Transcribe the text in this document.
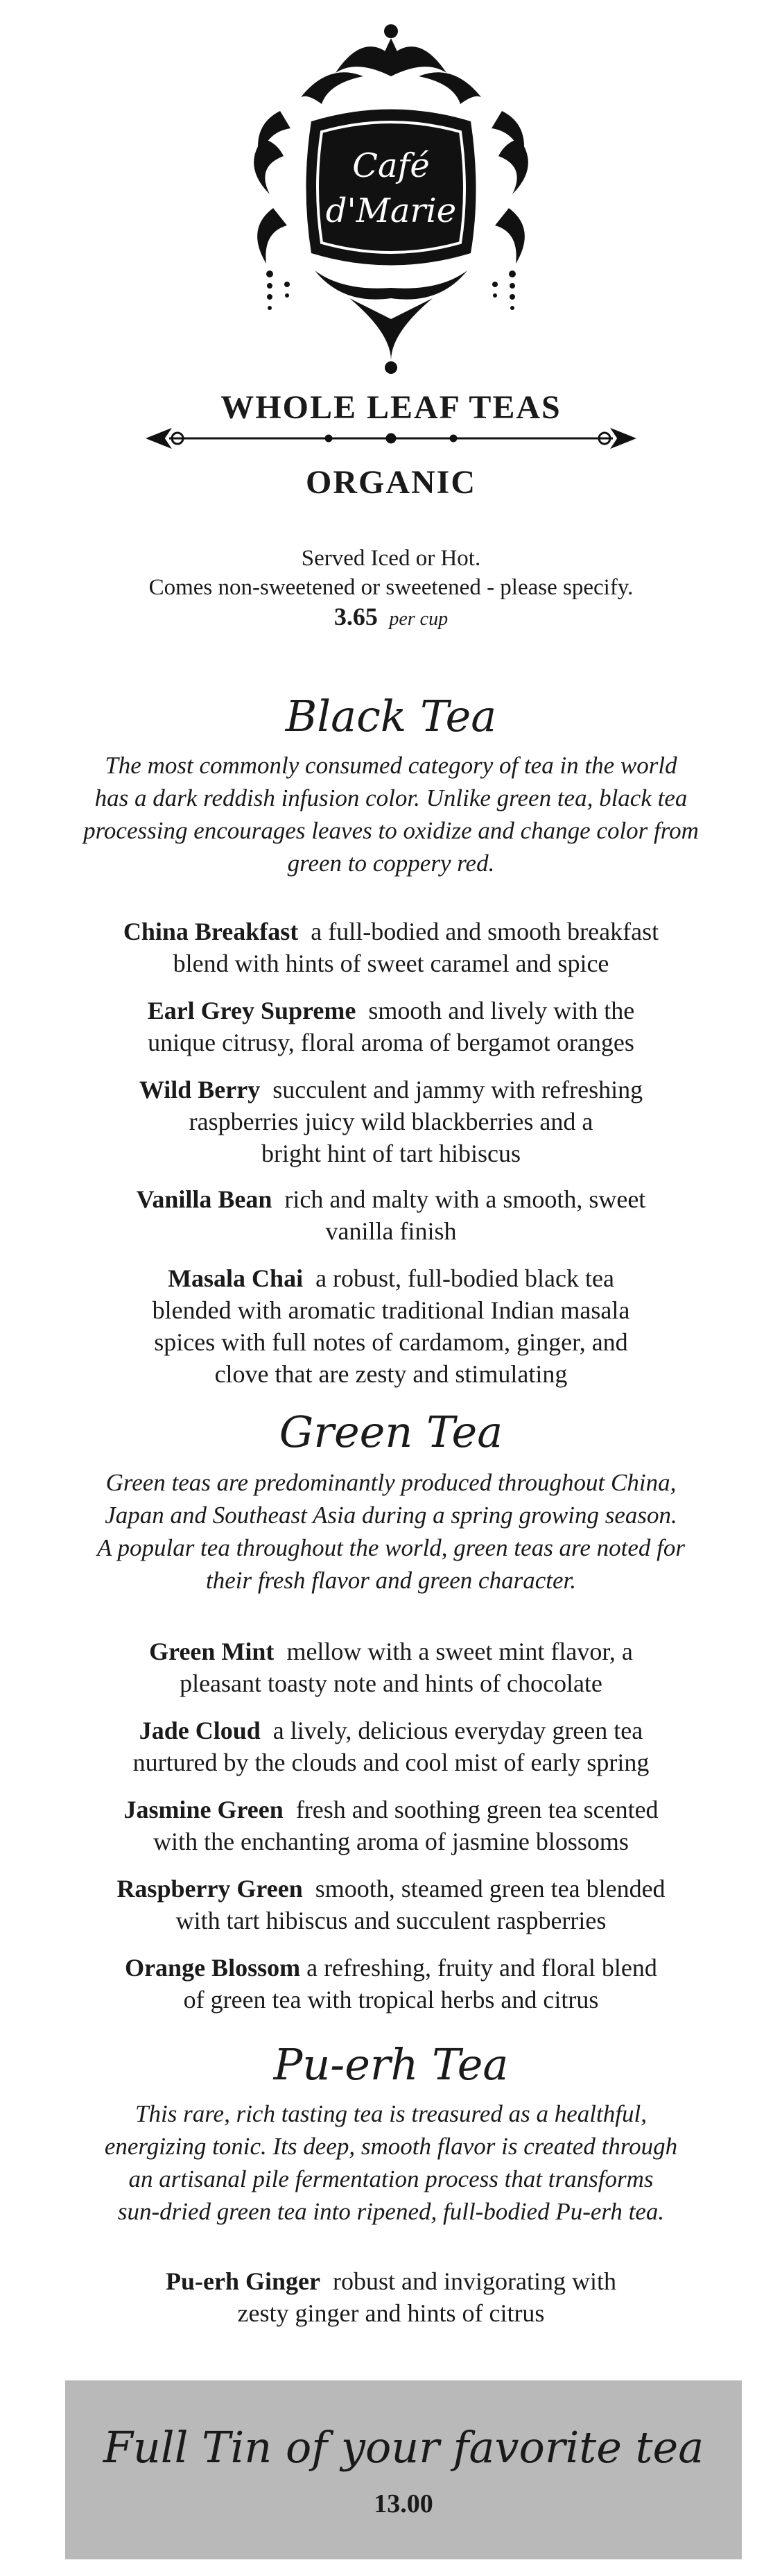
Café
d'Marie
WHOLE LEAF TEAS
ORGANIC
Served Iced or Hot.
Comes non-sweetened or sweetened - please specify.
3.65 per cup
Black Tea
The most commonly consumed category of tea in the world
has a dark reddish infusion color. Unlike green tea, black tea
processing encourages leaves to oxidize and change color from
green to coppery red.
China Breakfast a full-bodied and smooth breakfast
blend with hints of sweet caramel and spice
Earl Grey Supreme smooth and lively with the
unique citrusy, floral aroma of bergamot oranges
Wild Berry succulent and jammy with refreshing
raspberries juicy wild blackberries and a
bright hint of tart hibiscus
Vanilla Bean rich and malty with a smooth, sweet
vanilla finish
Masala Chai a robust, full-bodied black tea
blended with aromatic traditional Indian masala
spices with full notes of cardamom, ginger, and
clove that are zesty and stimulating
Green Tea
Green teas are predominantly produced throughout China,
Japan and Southeast Asia during a spring growing season.
A popular tea throughout the world, green teas are noted for
their fresh flavor and green character.
Green Mint mellow with a sweet mint flavor, a
pleasant toasty note and hints of chocolate
Jade Cloud a lively, delicious everyday green tea
nurtured by the clouds and cool mist of early spring
Jasmine Green fresh and soothing green tea scented
with the enchanting aroma of jasmine blossoms
Raspberry Green smooth, steamed green tea blended
with tart hibiscus and succulent raspberries
Orange Blossom a refreshing, fruity and floral blend
of green tea with tropical herbs and citrus
Pu-erh Tea
This rare, rich tasting tea is treasured as a healthful,
energizing tonic. Its deep, smooth flavor is created through
an artisanal pile fermentation process that transforms
sun-dried green tea into ripened, full-bodied Pu-erh tea.
Pu-erh Ginger robust and invigorating with
zesty ginger and hints of citrus
Full Tin of your favorite tea
13.00
